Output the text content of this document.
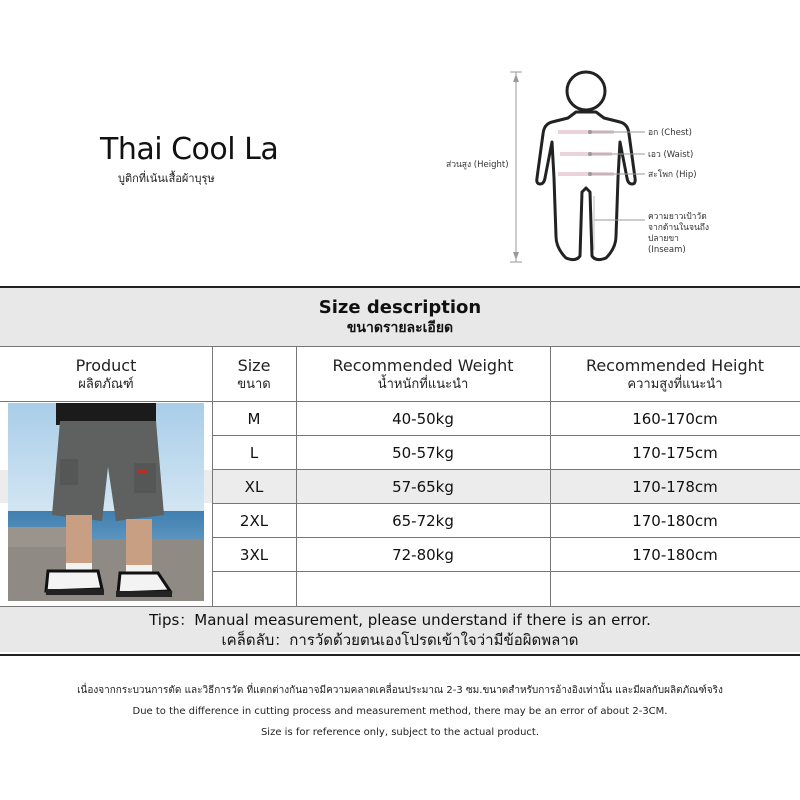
Thai Cool La
บูติกที่เน้นเสื้อผ้าบุรุษ
ส่วนสูง (Height)
อก (Chest)
เอว (Waist)
สะโพก (Hip)
ความยาวเป้าวัด
จากด้านในจนถึง
ปลายขา
(Inseam)
Size description
ขนาดรายละเอียด
Product
ผลิตภัณฑ์
Size
ขนาด
Recommended Weight
น้ำหนักที่แนะนำ
Recommended Height
ความสูงที่แนะนำ
M	40-50kg	160-170cm
L	50-57kg	170-175cm
XL	57-65kg	170-178cm
2XL	65-72kg	170-180cm
3XL	72-80kg	170-180cm
Tips：Manual measurement, please understand if there is an error.
เคล็ดลับ：การวัดด้วยตนเองโปรดเข้าใจว่ามีข้อผิดพลาด
เนื่องจากกระบวนการตัด และวิธีการวัด ที่แตกต่างกันอาจมีความคลาดเคลื่อนประมาณ 2-3 ซม.ขนาดสำหรับการอ้างอิงเท่านั้น และมีผลกับผลิตภัณฑ์จริง
Due to the difference in cutting process and measurement method, there may be an error of about 2-3CM.
Size is for reference only, subject to the actual product.
